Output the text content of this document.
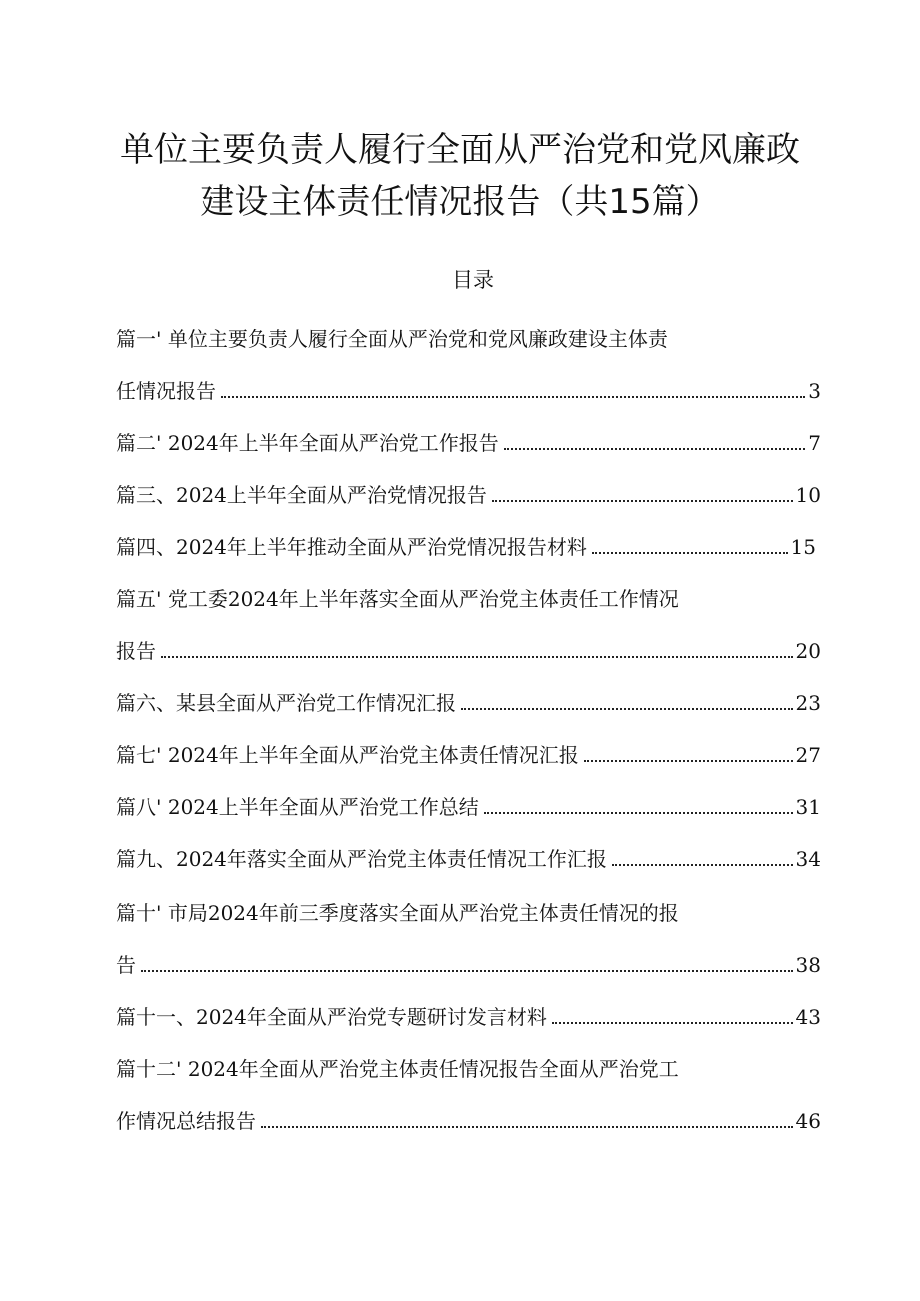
单位主要负责人履行全面从严治党和党风廉政
建设主体责任情况报告（共15篇）
目录
篇一' 单位主要负责人履行全面从严治党和党风廉政建设主体责
任情况报告	3
篇二' 2024年上半年全面从严治党工作报告	7
篇三、2024上半年全面从严治党情况报告	10
篇四、2024年上半年推动全面从严治党情况报告材料	15
篇五' 党工委2024年上半年落实全面从严治党主体责任工作情况
报告	20
篇六、某县全面从严治党工作情况汇报	23
篇七' 2024年上半年全面从严治党主体责任情况汇报	27
篇八' 2024上半年全面从严治党工作总结	31
篇九、2024年落实全面从严治党主体责任情况工作汇报	34
篇十' 市局2024年前三季度落实全面从严治党主体责任情况的报
告	38
篇十一、2024年全面从严治党专题研讨发言材料	43
篇十二' 2024年全面从严治党主体责任情况报告全面从严治党工
作情况总结报告	46
